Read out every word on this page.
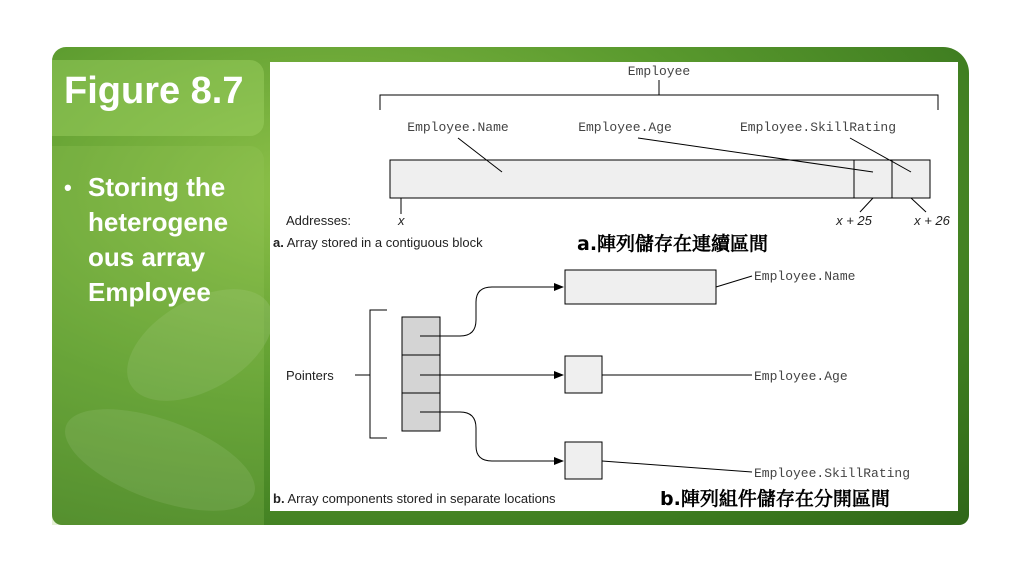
Figure 8.7
• Storing the heterogene ous array Employee
Employee
Employee.Name	Employee.Age	Employee.SkillRating
Addresses:	x	x + 25	x + 26
a. Array stored in a contiguous block	a.陣列儲存在連續區間
Employee.Name
Employee.Age
Employee.SkillRating
Pointers
b. Array components stored in separate locations	b.陣列組件儲存在分開區間
